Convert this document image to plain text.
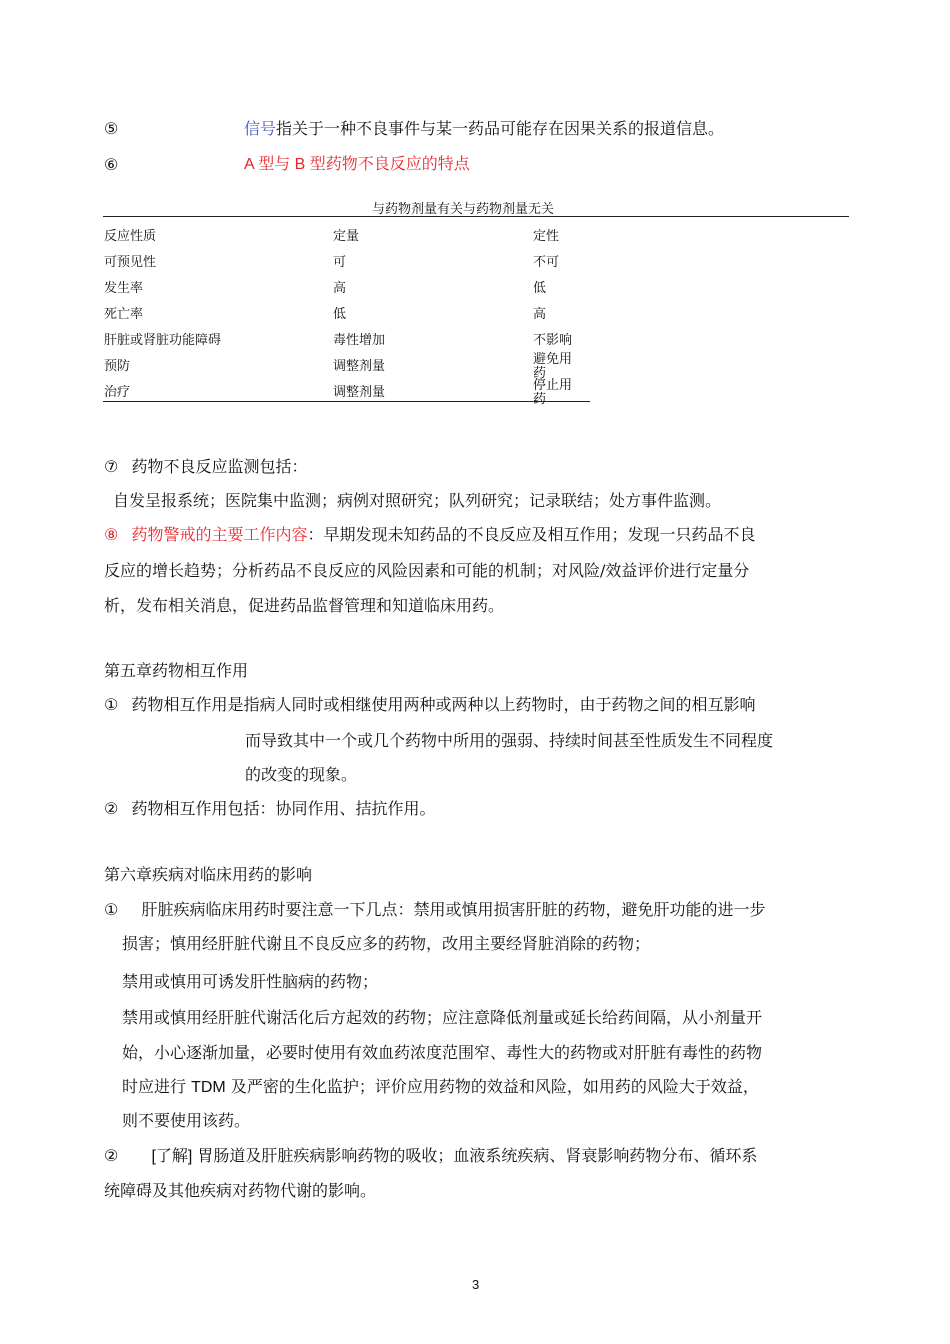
⑤	信号指关于一种不良事件与某一药品可能存在因果关系的报道信息。
⑥	A 型与 B 型药物不良反应的特点
与药物剂量有关与药物剂量无关
反应性质	定量	定性
可预见性	可	不可
发生率	高	低
死亡率	低	高
肝脏或肾脏功能障碍	毒性增加	不影响
预防	调整剂量	避免用药
治疗	调整剂量	停止用药
⑦ 药物不良反应监测包括：
自发呈报系统；医院集中监测；病例对照研究；队列研究；记录联结；处方事件监测。
⑧ 药物警戒的主要工作内容：早期发现未知药品的不良反应及相互作用；发现一只药品不良
反应的增长趋势；分析药品不良反应的风险因素和可能的机制；对风险/效益评价进行定量分
析，发布相关消息，促进药品监督管理和知道临床用药。
第五章药物相互作用
① 药物相互作用是指病人同时或相继使用两种或两种以上药物时，由于药物之间的相互影响
而导致其中一个或几个药物中所用的强弱、持续时间甚至性质发生不同程度
的改变的现象。
② 药物相互作用包括：协同作用、拮抗作用。
第六章疾病对临床用药的影响
① 肝脏疾病临床用药时要注意一下几点：禁用或慎用损害肝脏的药物，避免肝功能的进一步
损害；慎用经肝脏代谢且不良反应多的药物，改用主要经肾脏消除的药物；
禁用或慎用可诱发肝性脑病的药物；
禁用或慎用经肝脏代谢活化后方起效的药物；应注意降低剂量或延长给药间隔，从小剂量开
始，小心逐渐加量，必要时使用有效血药浓度范围窄、毒性大的药物或对肝脏有毒性的药物
时应进行 TDM 及严密的生化监护；评价应用药物的效益和风险，如用药的风险大于效益，
则不要使用该药。
② [了解] 胃肠道及肝脏疾病影响药物的吸收；血液系统疾病、肾衰影响药物分布、循环系
统障碍及其他疾病对药物代谢的影响。
3
